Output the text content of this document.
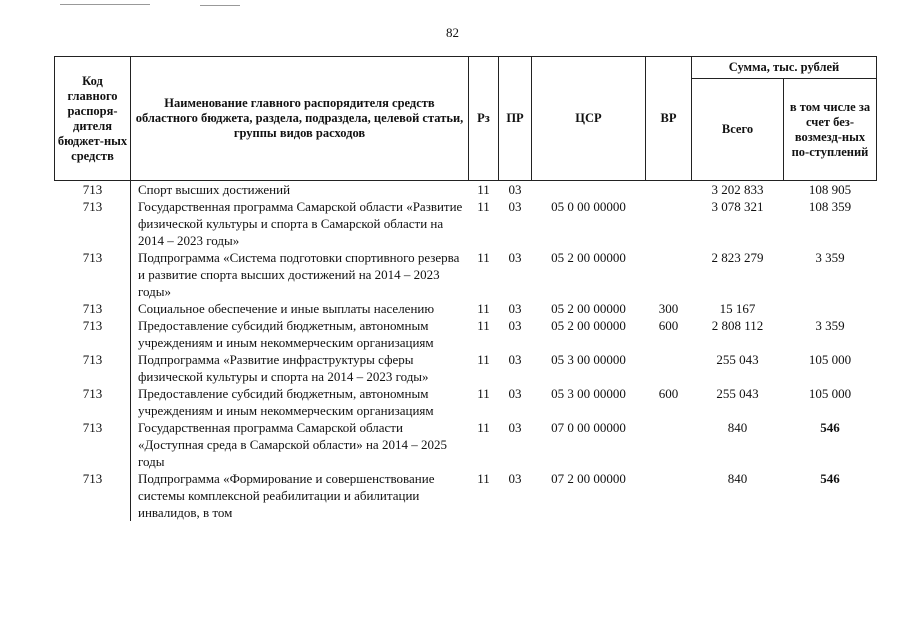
82
Код главного распоря-дителя бюджет-ных средств	Наименование главного распорядителя средств областного бюджета, раздела, подраздела, целевой статьи, группы видов расходов	Рз	ПР	ЦСР	ВР	Сумма, тыс. рублей	
						Всего	в том числе за счет без-возмезд-ных по-ступлений
713	Спорт высших достижений	11	03			3 202 833	108 905
713	Государственная программа Самарской области «Развитие физической культуры и спорта в Самарской области на 2014 – 2023 годы»	11	03	05 0 00 00000		3 078 321	108 359
713	Подпрограмма «Система подготовки спортивного резерва и развитие спорта высших достижений на 2014 – 2023 годы»	11	03	05 2 00 00000		2 823 279	3 359
713	Социальное обеспечение и иные выплаты населению	11	03	05 2 00 00000	300	15 167	
713	Предоставление субсидий бюджетным, автономным учреждениям и иным некоммерческим организациям	11	03	05 2 00 00000	600	2 808 112	3 359
713	Подпрограмма «Развитие инфраструктуры сферы физической культуры и спорта на 2014 – 2023 годы»	11	03	05 3 00 00000		255 043	105 000
713	Предоставление субсидий бюджетным, автономным учреждениям и иным некоммерческим организациям	11	03	05 3 00 00000	600	255 043	105 000
713	Государственная программа Самарской области «Доступная среда в Самарской области» на 2014 – 2025 годы	11	03	07 0 00 00000		840	546
713	Подпрограмма «Формирование и совершенствование системы комплексной реабилитации и абилитации инвалидов, в том	11	03	07 2 00 00000		840	546
